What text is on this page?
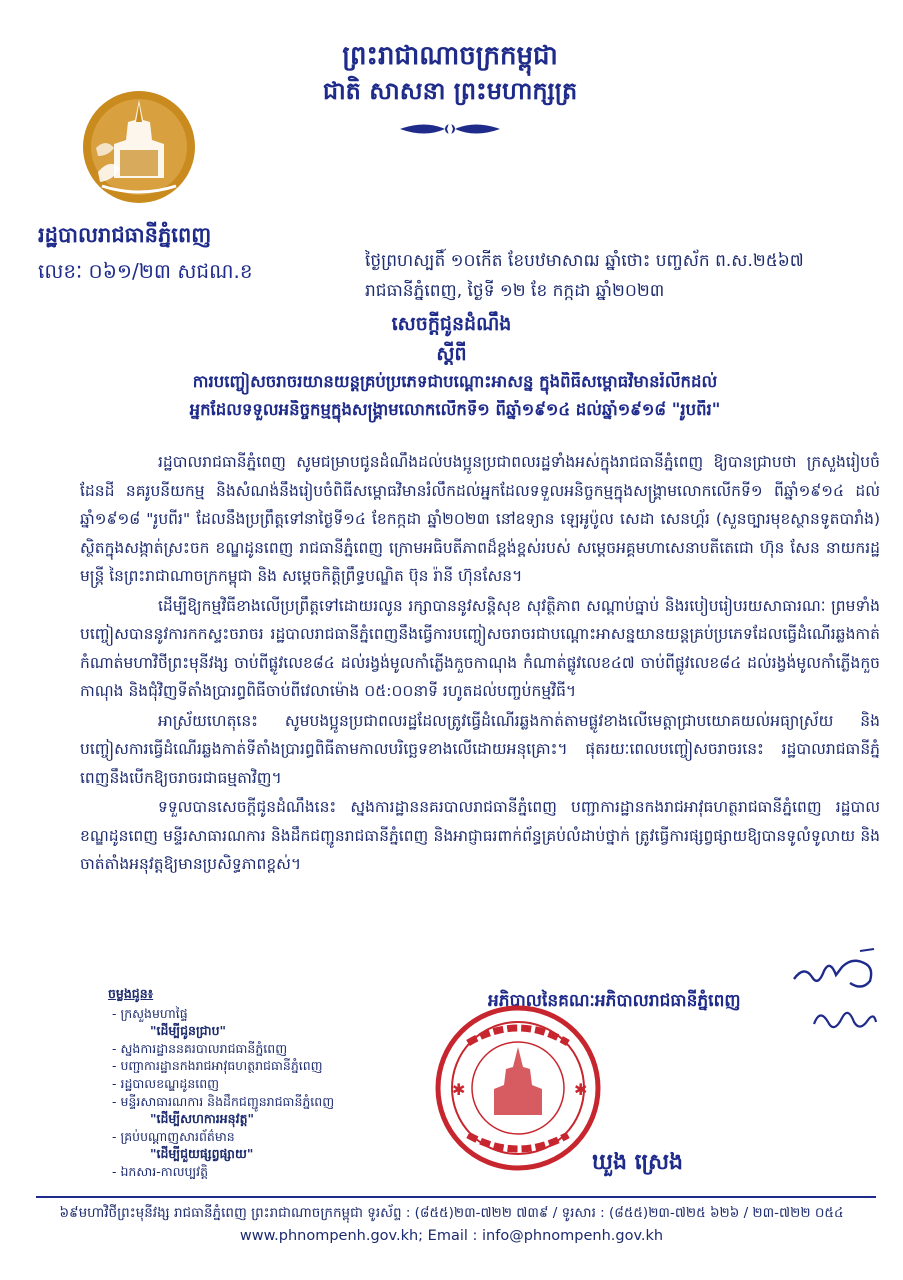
ព្រះរាជាណាចក្រកម្ពុជា
ជាតិ សាសនា ព្រះមហាក្សត្រ
រដ្ឋបាលរាជធានីភ្នំពេញ
លេខៈ ០៦១/២៣ សជណ.ខ	ថ្ងៃព្រហស្បតិ៍ ១០កើត ខែបឋមាសាឍ ឆ្នាំថោះ បញ្ចស័ក ព.ស.២៥៦៧
រាជធានីភ្នំពេញ, ថ្ងៃទី ១២ ខែ កក្កដា ឆ្នាំ២០២៣
សេចក្ដីជូនដំណឹង
ស្ដីពី
ការបញ្ចៀសចរាចរយានយន្តគ្រប់ប្រភេទជាបណ្ដោះអាសន្ន ក្នុងពិធីសម្ពោធវិមានរំលឹកដល់
អ្នកដែលទទួលអនិច្ចកម្មក្នុងសង្គ្រាមលោកលើកទី១ ពីឆ្នាំ១៩១៤ ដល់ឆ្នាំ១៩១៨ "រូបពីរ"

រដ្ឋបាលរាជធានីភ្នំពេញ សូមជម្រាបជូនដំណឹងដល់បងប្អូនប្រជាពលរដ្ឋទាំងអស់ក្នុងរាជធានីភ្នំពេញ ឱ្យបានជ្រាបថា ក្រសួងរៀបចំដែនដី នគរូបនីយកម្ម និងសំណង់នឹងរៀបចំពិធីសម្ពោធវិមានរំលឹកដល់អ្នកដែលទទួលអនិច្ចកម្មក្នុងសង្គ្រាមលោកលើកទី១ ពីឆ្នាំ១៩១៤ ដល់ឆ្នាំ១៩១៨ "រូបពីរ" ដែលនឹងប្រព្រឹត្តទៅនាថ្ងៃទី១៤ ខែកក្កដា ឆ្នាំ២០២៣ នៅឧទ្យាន ឡេអូប៉ូល សេដា សេនហ្គ័រ (សួនច្បារមុខស្ថានទូតបារាំង) ស្ថិតក្នុងសង្កាត់ស្រះចក ខណ្ឌដូនពេញ រាជធានីភ្នំពេញ ក្រោមអធិបតីភាពដ៏ខ្ពង់ខ្ពស់របស់ សម្ដេចអគ្គមហាសេនាបតីតេជោ ហ៊ុន សែន នាយករដ្ឋមន្ត្រី នៃព្រះរាជាណាចក្រកម្ពុជា និង សម្ដេចកិត្តិព្រឹទ្ធបណ្ឌិត ប៊ុន រ៉ានី ហ៊ុនសែន។

ដើម្បីឱ្យកម្មវិធីខាងលើប្រព្រឹត្តទៅដោយរលូន រក្សាបាននូវសន្តិសុខ សុវត្ថិភាព សណ្ដាប់ធ្នាប់ និងរបៀបរៀបរយសាធារណៈ ព្រមទាំងបញ្ចៀសបាននូវការកកស្ទះចរាចរ រដ្ឋបាលរាជធានីភ្នំពេញនឹងធ្វើការបញ្ចៀសចរាចរជាបណ្ដោះអាសន្នយានយន្តគ្រប់ប្រភេទដែលធ្វើដំណើរឆ្លងកាត់កំណាត់មហាវិថីព្រះមុនីវង្ស ចាប់ពីផ្លូវលេខ៨៤ ដល់រង្វង់មូលកាំភ្លើងកួចកាណុង កំណាត់ផ្លូវលេខ៤៧ ចាប់ពីផ្លូវលេខ៨៤ ដល់រង្វង់មូលកាំភ្លើងកួចកាណុង និងជុំវិញទីតាំងប្រារព្ធពិធីចាប់ពីវេលាម៉ោង ០៥:០០នាទី រហូតដល់បញ្ចប់កម្មវិធី។

អាស្រ័យហេតុនេះ សូមបងប្អូនប្រជាពលរដ្ឋដែលត្រូវធ្វើដំណើរឆ្លងកាត់តាមផ្លូវខាងលើមេត្តាជ្រាបយោគយល់អធ្យាស្រ័យ និងបញ្ចៀសការធ្វើដំណើរឆ្លងកាត់ទីតាំងប្រារព្ធពិធីតាមកាលបរិច្ឆេទខាងលើដោយអនុគ្រោះ។ ផុតរយៈពេលបញ្ចៀសចរាចរនេះ រដ្ឋបាលរាជធានីភ្នំពេញនឹងបើកឱ្យចរាចរជាធម្មតាវិញ។

ទទួលបានសេចក្ដីជូនដំណឹងនេះ ស្នងការដ្ឋាននគរបាលរាជធានីភ្នំពេញ បញ្ជាការដ្ឋានកងរាជអាវុធហត្ថរាជធានីភ្នំពេញ រដ្ឋបាលខណ្ឌដូនពេញ មន្ទីរសាធារណការ និងដឹកជញ្ជូនរាជធានីភ្នំពេញ និងអាជ្ញាធរពាក់ព័ន្ធគ្រប់លំដាប់ថ្នាក់ ត្រូវធ្វើការផ្សព្វផ្សាយឱ្យបានទូលំទូលាយ និងចាត់តាំងអនុវត្តឱ្យមានប្រសិទ្ធភាពខ្ពស់។

ចម្លងជូន៖
- ក្រសួងមហាផ្ទៃ
"ដើម្បីជូនជ្រាប"
- ស្នងការដ្ឋាននគរបាលរាជធានីភ្នំពេញ
- បញ្ជាការដ្ឋានកងរាជអាវុធហត្ថរាជធានីភ្នំពេញ
- រដ្ឋបាលខណ្ឌដូនពេញ
- មន្ទីរសាធារណការ និងដឹកជញ្ជូនរាជធានីភ្នំពេញ
"ដើម្បីសហការអនុវត្ត"
- គ្រប់បណ្ដាញសារព័ត៌មាន
"ដើម្បីជួយផ្សព្វផ្សាយ"
- ឯកសារ-កាលប្បវត្តិ
អភិបាលនៃគណៈអភិបាលរាជធានីភ្នំពេញ
✱	✱
ឃួង ស្រេង
៦៩មហាវិថីព្រះមុនីវង្ស រាជធានីភ្នំពេញ ព្រះរាជាណាចក្រកម្ពុជា ទូរស័ព្ទ : (៨៥៥)២៣-៧២២ ៧៣៩ / ទូរសារ : (៨៥៥)២៣-៧២៥ ៦២៦ / ២៣-៧២២ ០៥៤
www.phnompenh.gov.kh; Email : info@phnompenh.gov.kh
